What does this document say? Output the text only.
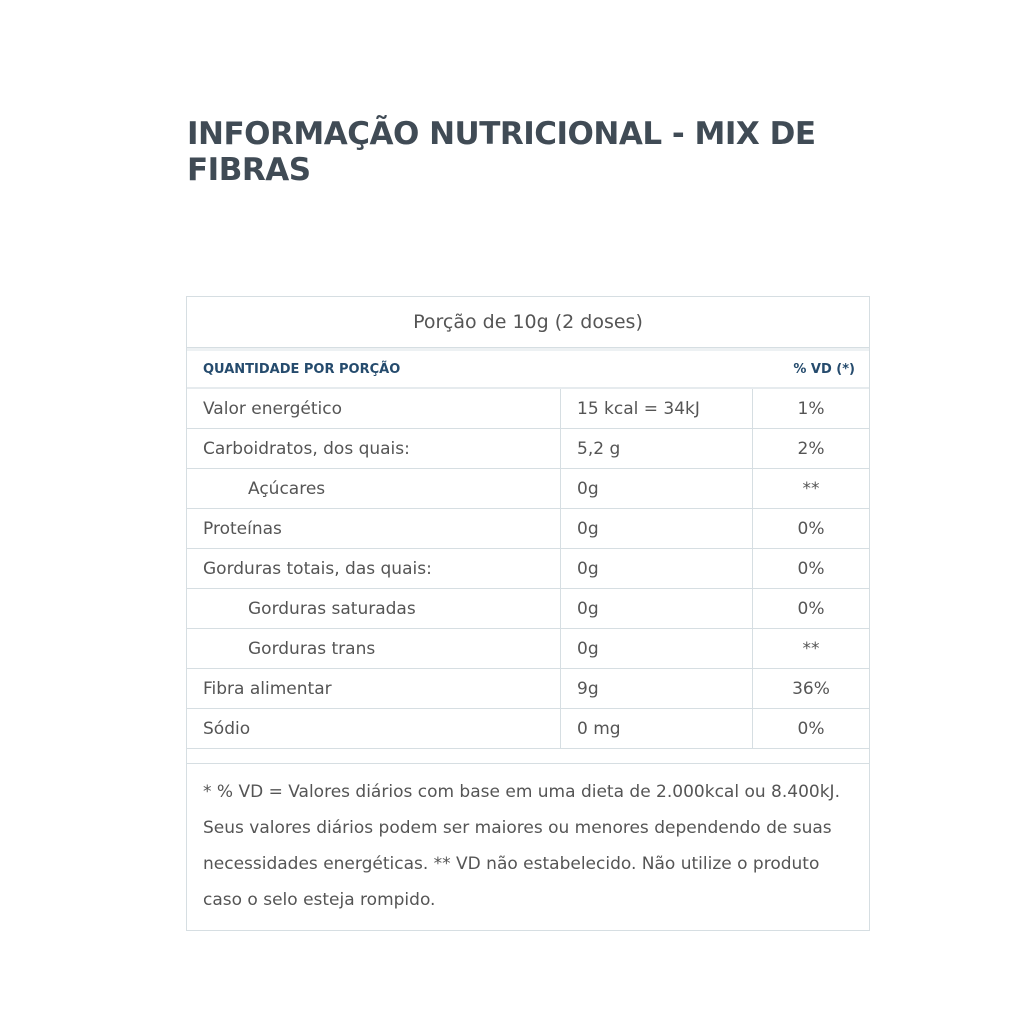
INFORMAÇÃO NUTRICIONAL - MIX DE FIBRAS
Porção de 10g (2 doses)
QUANTIDADE POR PORÇÃO	% VD (*)
Valor energético	15 kcal = 34kJ	1%
Carboidratos, dos quais:	5,2 g	2%
Açúcares	0g	**
Proteínas	0g	0%
Gorduras totais, das quais:	0g	0%
Gorduras saturadas	0g	0%
Gorduras trans	0g	**
Fibra alimentar	9g	36%
Sódio	0 mg	0%
* % VD = Valores diários com base em uma dieta de 2.000kcal ou 8.400kJ. Seus valores diários podem ser maiores ou menores dependendo de suas necessidades energéticas. ** VD não estabelecido. Não utilize o produto caso o selo esteja rompido.
